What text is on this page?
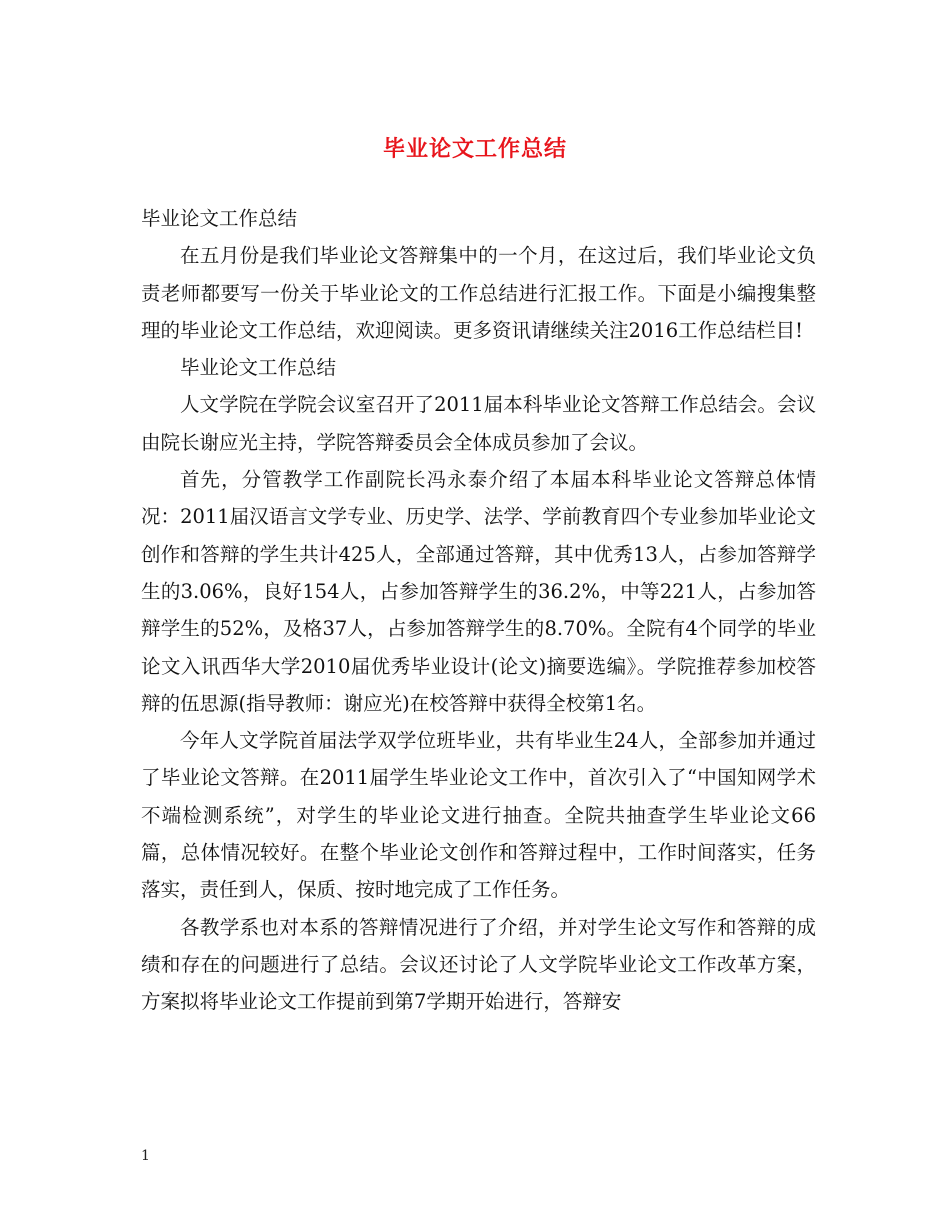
毕业论文工作总结

毕业论文工作总结

在五月份是我们毕业论文答辩集中的一个月，在这过后，我们毕业论文负责老师都要写一份关于毕业论文的工作总结进行汇报工作。下面是小编搜集整理的毕业论文工作总结，欢迎阅读。更多资讯请继续关注2016工作总结栏目!

毕业论文工作总结

人文学院在学院会议室召开了2011届本科毕业论文答辩工作总结会。会议由院长谢应光主持，学院答辩委员会全体成员参加了会议。

首先，分管教学工作副院长冯永泰介绍了本届本科毕业论文答辩总体情况：2011届汉语言文学专业、历史学、法学、学前教育四个专业参加毕业论文创作和答辩的学生共计425人，全部通过答辩，其中优秀13人，占参加答辩学生的3.06%，良好154人，占参加答辩学生的36.2%，中等221人，占参加答辩学生的52%，及格37人，占参加答辩学生的8.70%。全院有4个同学的毕业论文入讯西华大学2010届优秀毕业设计(论文)摘要选编》。学院推荐参加校答辩的伍思源(指导教师：谢应光)在校答辩中获得全校第1名。

今年人文学院首届法学双学位班毕业，共有毕业生24人，全部参加并通过了毕业论文答辩。在2011届学生毕业论文工作中，首次引入了“中国知网学术不端检测系统”，对学生的毕业论文进行抽查。全院共抽查学生毕业论文66篇，总体情况较好。在整个毕业论文创作和答辩过程中，工作时间落实，任务落实，责任到人，保质、按时地完成了工作任务。

各教学系也对本系的答辩情况进行了介绍，并对学生论文写作和答辩的成绩和存在的问题进行了总结。会议还讨论了人文学院毕业论文工作改革方案，方案拟将毕业论文工作提前到第7学期开始进行，答辩安

1
